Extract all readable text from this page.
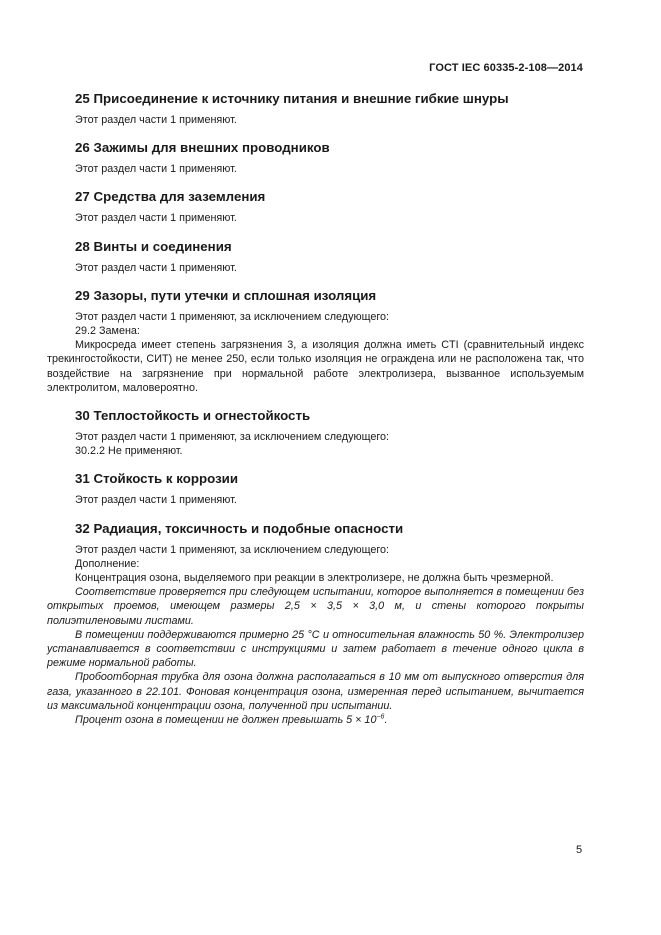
ГОСТ IEC 60335-2-108—2014
25 Присоединение к источнику питания и внешние гибкие шнуры

Этот раздел части 1 применяют.

26 Зажимы для внешних проводников

Этот раздел части 1 применяют.

27 Средства для заземления

Этот раздел части 1 применяют.

28 Винты и соединения

Этот раздел части 1 применяют.

29 Зазоры, пути утечки и сплошная изоляция

Этот раздел части 1 применяют, за исключением следующего:

29.2 Замена:

Микросреда имеет степень загрязнения 3, а изоляция должна иметь CTI (сравнительный индекс трекингостойкости, СИТ) не менее 250, если только изоляция не ограждена или не расположена так, что воздействие на загрязнение при нормальной работе электролизера, вызванное используемым электролитом, маловероятно.

30 Теплостойкость и огнестойкость

Этот раздел части 1 применяют, за исключением следующего:

30.2.2 Не применяют.

31 Стойкость к коррозии

Этот раздел части 1 применяют.

32 Радиация, токсичность и подобные опасности

Этот раздел части 1 применяют, за исключением следующего:

Дополнение:

Концентрация озона, выделяемого при реакции в электролизере, не должна быть чрезмерной.

Соответствие проверяется при следующем испытании, которое выполняется в помещении без открытых проемов, имеющем размеры 2,5 × 3,5 × 3,0 м, и стены которого покрыты полиэтиленовыми листами.

В помещении поддерживаются примерно 25 °C и относительная влажность 50 %. Электролизер устанавливается в соответствии с инструкциями и затем работает в течение одного цикла в режиме нормальной работы.

Пробоотборная трубка для озона должна располагаться в 10 мм от выпускного отверстия для газа, указанного в 22.101. Фоновая концентрация озона, измеренная перед испытанием, вычитается из максимальной концентрации озона, полученной при испытании.

Процент озона в помещении не должен превышать $5 \times 10^{-6}$.

5
